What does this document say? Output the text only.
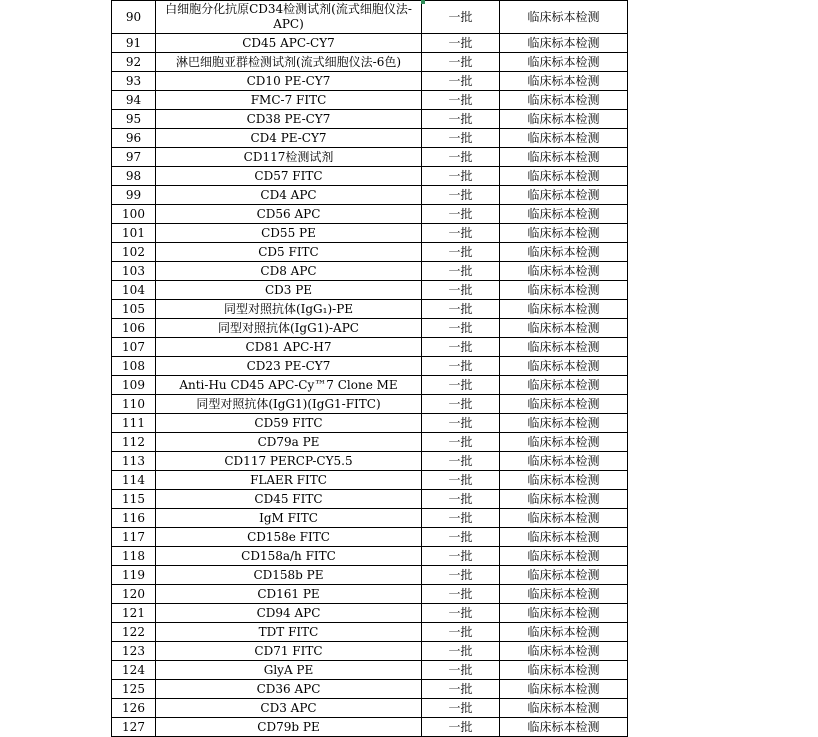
90	白细胞分化抗原CD34检测试剂(流式细胞仪法-APC)	一批	临床标本检测
91	CD45 APC-CY7	一批	临床标本检测
92	淋巴细胞亚群检测试剂(流式细胞仪法-6色)	一批	临床标本检测
93	CD10 PE-CY7	一批	临床标本检测
94	FMC-7 FITC	一批	临床标本检测
95	CD38 PE-CY7	一批	临床标本检测
96	CD4 PE-CY7	一批	临床标本检测
97	CD117检测试剂	一批	临床标本检测
98	CD57 FITC	一批	临床标本检测
99	CD4 APC	一批	临床标本检测
100	CD56 APC	一批	临床标本检测
101	CD55 PE	一批	临床标本检测
102	CD5 FITC	一批	临床标本检测
103	CD8 APC	一批	临床标本检测
104	CD3 PE	一批	临床标本检测
105	同型对照抗体(IgG₁)-PE	一批	临床标本检测
106	同型对照抗体(IgG1)-APC	一批	临床标本检测
107	CD81 APC-H7	一批	临床标本检测
108	CD23 PE-CY7	一批	临床标本检测
109	Anti-Hu CD45 APC-Cy™7 Clone ME	一批	临床标本检测
110	同型对照抗体(IgG1)(IgG1-FITC)	一批	临床标本检测
111	CD59 FITC	一批	临床标本检测
112	CD79a PE	一批	临床标本检测
113	CD117 PERCP-CY5.5	一批	临床标本检测
114	FLAER FITC	一批	临床标本检测
115	CD45 FITC	一批	临床标本检测
116	IgM FITC	一批	临床标本检测
117	CD158e FITC	一批	临床标本检测
118	CD158a/h FITC	一批	临床标本检测
119	CD158b PE	一批	临床标本检测
120	CD161 PE	一批	临床标本检测
121	CD94 APC	一批	临床标本检测
122	TDT FITC	一批	临床标本检测
123	CD71 FITC	一批	临床标本检测
124	GlyA PE	一批	临床标本检测
125	CD36 APC	一批	临床标本检测
126	CD3 APC	一批	临床标本检测
127	CD79b PE	一批	临床标本检测
